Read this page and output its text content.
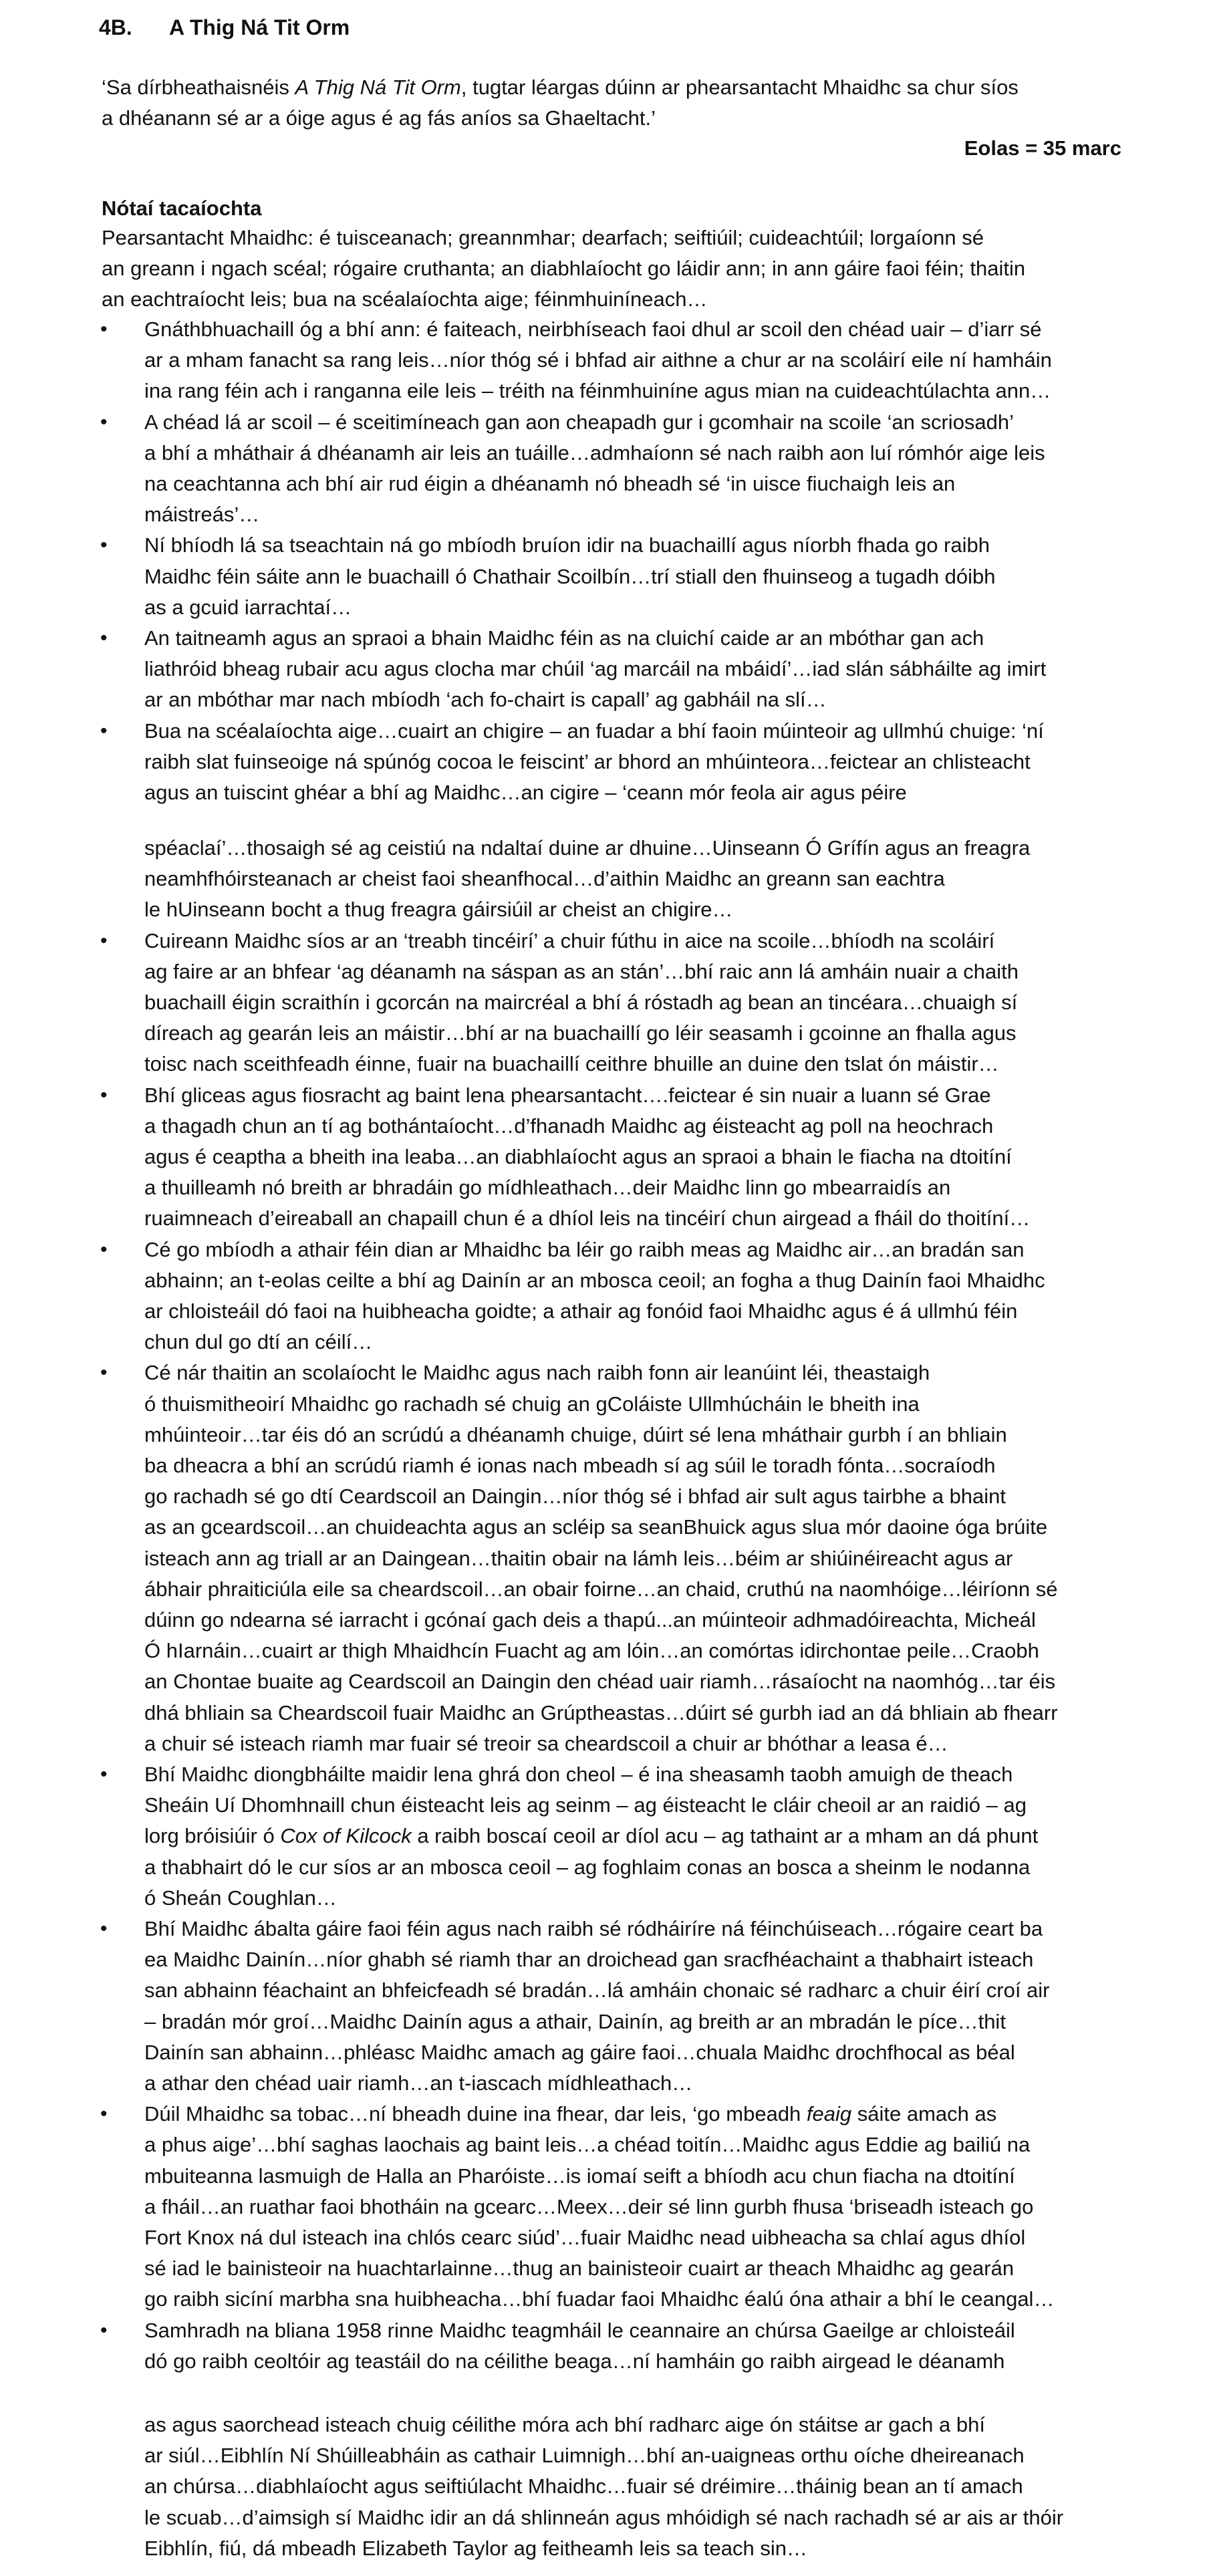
4B. A Thig Ná Tit Orm
‘Sa dírbheathaisnéis A Thig Ná Tit Orm, tugtar léargas dúinn ar phearsantacht Mhaidhc sa chur síos
a dhéanann sé ar a óige agus é ag fás aníos sa Ghaeltacht.’
Eolas = 35 marc
Nótaí tacaíochta
Pearsantacht Mhaidhc: é tuisceanach; greannmhar; dearfach; seiftiúil; cuideachtúil; lorgaíonn sé
an greann i ngach scéal; rógaire cruthanta; an diabhlaíocht go láidir ann; in ann gáire faoi féin; thaitin
an eachtraíocht leis; bua na scéalaíochta aige; féinmhuiníneach…
• Gnáthbhuachaill óg a bhí ann: é faiteach, neirbhíseach faoi dhul ar scoil den chéad uair – d’iarr sé
ar a mham fanacht sa rang leis…níor thóg sé i bhfad air aithne a chur ar na scoláirí eile ní hamháin
ina rang féin ach i ranganna eile leis – tréith na féinmhuiníne agus mian na cuideachtúlachta ann…
• A chéad lá ar scoil – é sceitimíneach gan aon cheapadh gur i gcomhair na scoile ‘an scriosadh’
a bhí a mháthair á dhéanamh air leis an tuáille…admhaíonn sé nach raibh aon luí rómhór aige leis
na ceachtanna ach bhí air rud éigin a dhéanamh nó bheadh sé ‘in uisce fiuchaigh leis an
máistreás’…
• Ní bhíodh lá sa tseachtain ná go mbíodh bruíon idir na buachaillí agus níorbh fhada go raibh
Maidhc féin sáite ann le buachaill ó Chathair Scoilbín…trí stiall den fhuinseog a tugadh dóibh
as a gcuid iarrachtaí…
• An taitneamh agus an spraoi a bhain Maidhc féin as na cluichí caide ar an mbóthar gan ach
liathróid bheag rubair acu agus clocha mar chúil ‘ag marcáil na mbáidí’…iad slán sábháilte ag imirt
ar an mbóthar mar nach mbíodh ‘ach fo-chairt is capall’ ag gabháil na slí…
• Bua na scéalaíochta aige…cuairt an chigire – an fuadar a bhí faoin múinteoir ag ullmhú chuige: ‘ní
raibh slat fuinseoige ná spúnóg cocoa le feiscint’ ar bhord an mhúinteora…feictear an chlisteacht
agus an tuiscint ghéar a bhí ag Maidhc…an cigire – ‘ceann mór feola air agus péire
spéaclaí’…thosaigh sé ag ceistiú na ndaltaí duine ar dhuine…Uinseann Ó Grífín agus an freagra
neamhfhóirsteanach ar cheist faoi sheanfhocal…d’aithin Maidhc an greann san eachtra
le hUinseann bocht a thug freagra gáirsiúil ar cheist an chigire…
• Cuireann Maidhc síos ar an ‘treabh tincéirí’ a chuir fúthu in aice na scoile…bhíodh na scoláirí
ag faire ar an bhfear ‘ag déanamh na sáspan as an stán’…bhí raic ann lá amháin nuair a chaith
buachaill éigin scraithín i gcorcán na maircréal a bhí á róstadh ag bean an tincéara…chuaigh sí
díreach ag gearán leis an máistir…bhí ar na buachaillí go léir seasamh i gcoinne an fhalla agus
toisc nach sceithfeadh éinne, fuair na buachaillí ceithre bhuille an duine den tslat ón máistir…
• Bhí gliceas agus fiosracht ag baint lena phearsantacht….feictear é sin nuair a luann sé Grae
a thagadh chun an tí ag bothántaíocht…d’fhanadh Maidhc ag éisteacht ag poll na heochrach
agus é ceaptha a bheith ina leaba…an diabhlaíocht agus an spraoi a bhain le fiacha na dtoitíní
a thuilleamh nó breith ar bhradáin go mídhleathach…deir Maidhc linn go mbearraidís an
ruaimneach d’eireaball an chapaill chun é a dhíol leis na tincéirí chun airgead a fháil do thoitíní…
• Cé go mbíodh a athair féin dian ar Mhaidhc ba léir go raibh meas ag Maidhc air…an bradán san
abhainn; an t-eolas ceilte a bhí ag Dainín ar an mbosca ceoil; an fogha a thug Dainín faoi Mhaidhc
ar chloisteáil dó faoi na huibheacha goidte; a athair ag fonóid faoi Mhaidhc agus é á ullmhú féin
chun dul go dtí an céilí…
• Cé nár thaitin an scolaíocht le Maidhc agus nach raibh fonn air leanúint léi, theastaigh
ó thuismitheoirí Mhaidhc go rachadh sé chuig an gColáiste Ullmhúcháin le bheith ina
mhúinteoir…tar éis dó an scrúdú a dhéanamh chuige, dúirt sé lena mháthair gurbh í an bhliain
ba dheacra a bhí an scrúdú riamh é ionas nach mbeadh sí ag súil le toradh fónta…socraíodh
go rachadh sé go dtí Ceardscoil an Daingin…níor thóg sé i bhfad air sult agus tairbhe a bhaint
as an gceardscoil…an chuideachta agus an scléip sa seanBhuick agus slua mór daoine óga brúite
isteach ann ag triall ar an Daingean…thaitin obair na lámh leis…béim ar shiúinéireacht agus ar
ábhair phraiticiúla eile sa cheardscoil…an obair foirne…an chaid, cruthú na naomhóige…léiríonn sé
dúinn go ndearna sé iarracht i gcónaí gach deis a thapú...an múinteoir adhmadóireachta, Micheál
Ó hIarnáin…cuairt ar thigh Mhaidhcín Fuacht ag am lóin…an comórtas idirchontae peile…Craobh
an Chontae buaite ag Ceardscoil an Daingin den chéad uair riamh…rásaíocht na naomhóg…tar éis
dhá bhliain sa Cheardscoil fuair Maidhc an Grúptheastas…dúirt sé gurbh iad an dá bhliain ab fhearr
a chuir sé isteach riamh mar fuair sé treoir sa cheardscoil a chuir ar bhóthar a leasa é…
• Bhí Maidhc diongbháilte maidir lena ghrá don cheol – é ina sheasamh taobh amuigh de theach
Sheáin Uí Dhomhnaill chun éisteacht leis ag seinm – ag éisteacht le cláir cheoil ar an raidió – ag
lorg bróisiúir ó Cox of Kilcock a raibh boscaí ceoil ar díol acu – ag tathaint ar a mham an dá phunt
a thabhairt dó le cur síos ar an mbosca ceoil – ag foghlaim conas an bosca a sheinm le nodanna
ó Sheán Coughlan…
• Bhí Maidhc ábalta gáire faoi féin agus nach raibh sé ródháiríre ná féinchúiseach…rógaire ceart ba
ea Maidhc Dainín…níor ghabh sé riamh thar an droichead gan sracfhéachaint a thabhairt isteach
san abhainn féachaint an bhfeicfeadh sé bradán…lá amháin chonaic sé radharc a chuir éirí croí air
– bradán mór groí…Maidhc Dainín agus a athair, Dainín, ag breith ar an mbradán le píce…thit
Dainín san abhainn…phléasc Maidhc amach ag gáire faoi…chuala Maidhc drochfhocal as béal
a athar den chéad uair riamh…an t-iascach mídhleathach…
• Dúil Mhaidhc sa tobac…ní bheadh duine ina fhear, dar leis, ‘go mbeadh feaig sáite amach as
a phus aige’…bhí saghas laochais ag baint leis…a chéad toitín…Maidhc agus Eddie ag bailiú na
mbuiteanna lasmuigh de Halla an Pharóiste…is iomaí seift a bhíodh acu chun fiacha na dtoitíní
a fháil…an ruathar faoi bhotháin na gcearc…Meex…deir sé linn gurbh fhusa ‘briseadh isteach go
Fort Knox ná dul isteach ina chlós cearc siúd’…fuair Maidhc nead uibheacha sa chlaí agus dhíol
sé iad le bainisteoir na huachtarlainne…thug an bainisteoir cuairt ar theach Mhaidhc ag gearán
go raibh sicíní marbha sna huibheacha…bhí fuadar faoi Mhaidhc éalú óna athair a bhí le ceangal…
• Samhradh na bliana 1958 rinne Maidhc teagmháil le ceannaire an chúrsa Gaeilge ar chloisteáil
dó go raibh ceoltóir ag teastáil do na céilithe beaga…ní hamháin go raibh airgead le déanamh
as agus saorchead isteach chuig céilithe móra ach bhí radharc aige ón stáitse ar gach a bhí
ar siúl…Eibhlín Ní Shúilleabháin as cathair Luimnigh…bhí an-uaigneas orthu oíche dheireanach
an chúrsa…diabhlaíocht agus seiftiúlacht Mhaidhc…fuair sé dréimire…tháinig bean an tí amach
le scuab…d’aimsigh sí Maidhc idir an dá shlinneán agus mhóidigh sé nach rachadh sé ar ais ar thóir
Eibhlín, fiú, dá mbeadh Elizabeth Taylor ag feitheamh leis sa teach sin…
